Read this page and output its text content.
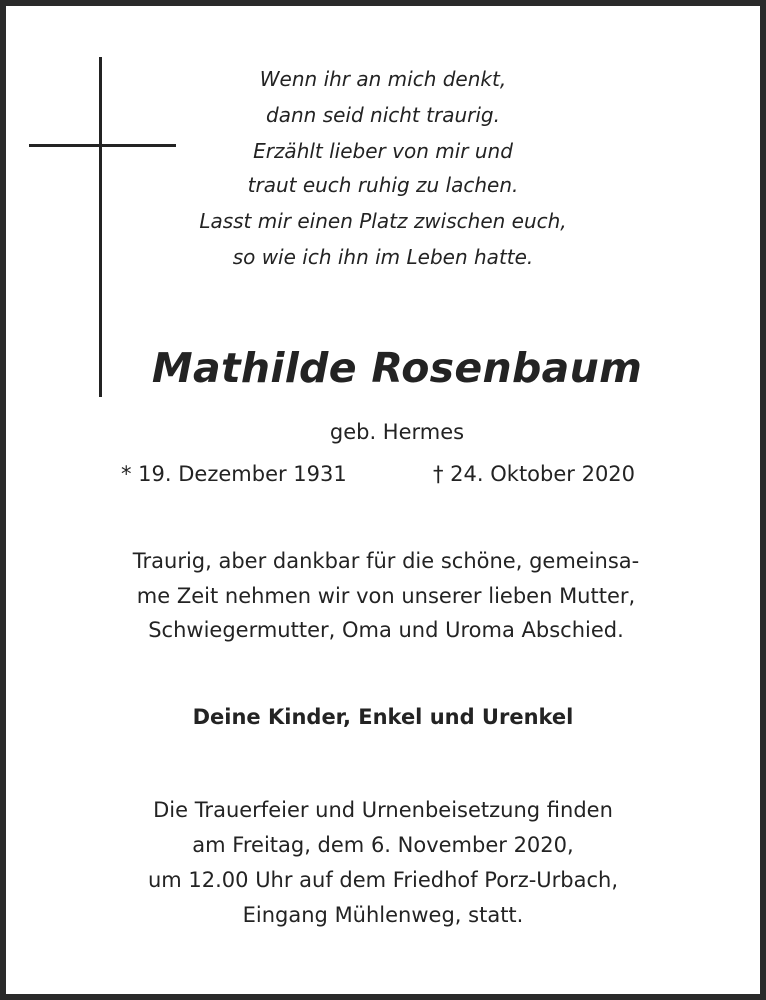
Wenn ihr an mich denkt,
dann seid nicht traurig.
Erzählt lieber von mir und
traut euch ruhig zu lachen.
Lasst mir einen Platz zwischen euch,
so wie ich ihn im Leben hatte.
Mathilde Rosenbaum
geb. Hermes
* 19. Dezember 1931	† 24. Oktober 2020
Traurig, aber dankbar für die schöne, gemeinsa-
me Zeit nehmen wir von unserer lieben Mutter,
Schwiegermutter, Oma und Uroma Abschied.
Deine Kinder, Enkel und Urenkel
Die Trauerfeier und Urnenbeisetzung finden
am Freitag, dem 6. November 2020,
um 12.00 Uhr auf dem Friedhof Porz-Urbach,
Eingang Mühlenweg, statt.
